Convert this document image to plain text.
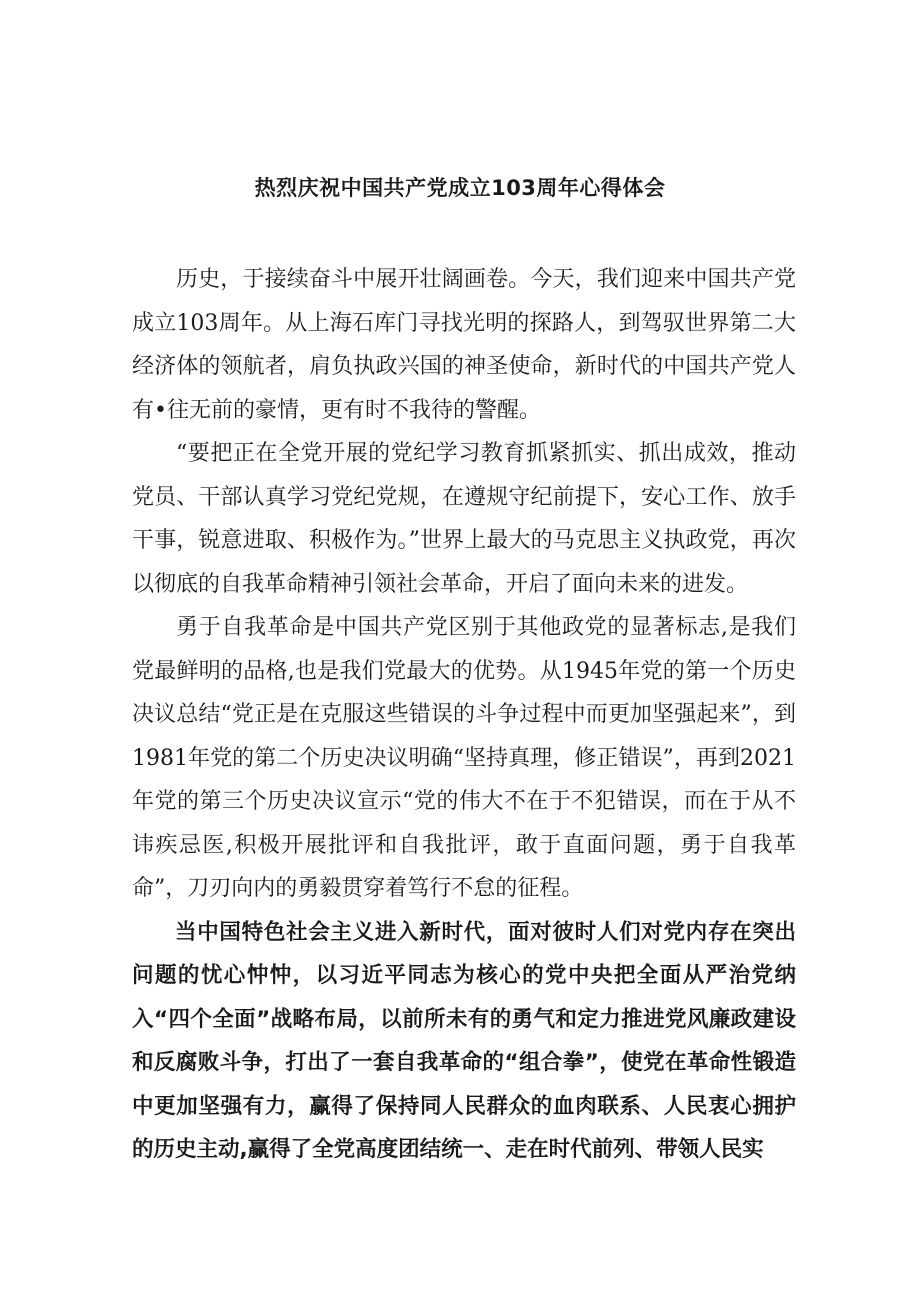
热烈庆祝中国共产党成立103周年心得体会

历史，于接续奋斗中展开壮阔画卷。今天，我们迎来中国共产党成立103周年。从上海石库门寻找光明的探路人，到驾驭世界第二大经济体的领航者，肩负执政兴国的神圣使命，新时代的中国共产党人有•往无前的豪情，更有时不我待的警醒。

“要把正在全党开展的党纪学习教育抓紧抓实、抓出成效，推动党员、干部认真学习党纪党规，在遵规守纪前提下，安心工作、放手干事，锐意进取、积极作为。”世界上最大的马克思主义执政党，再次以彻底的自我革命精神引领社会革命，开启了面向未来的进发。

勇于自我革命是中国共产党区别于其他政党的显著标志,是我们党最鲜明的品格,也是我们党最大的优势。从1945年党的第一个历史决议总结“党正是在克服这些错误的斗争过程中而更加坚强起来”，到1981年党的第二个历史决议明确“坚持真理，修正错误”，再到2021年党的第三个历史决议宣示“党的伟大不在于不犯错误，而在于从不讳疾忌医,积极开展批评和自我批评，敢于直面问题，勇于自我革命”，刀刃向内的勇毅贯穿着笃行不怠的征程。

当中国特色社会主义进入新时代，面对彼时人们对党内存在突出问题的忧心忡忡，以习近平同志为核心的党中央把全面从严治党纳入“四个全面”战略布局，以前所未有的勇气和定力推进党风廉政建设和反腐败斗争，打出了一套自我革命的“组合拳”，使党在革命性锻造中更加坚强有力，赢得了保持同人民群众的血肉联系、人民衷心拥护的历史主动,赢得了全党高度团结统一、走在时代前列、带领人民实
